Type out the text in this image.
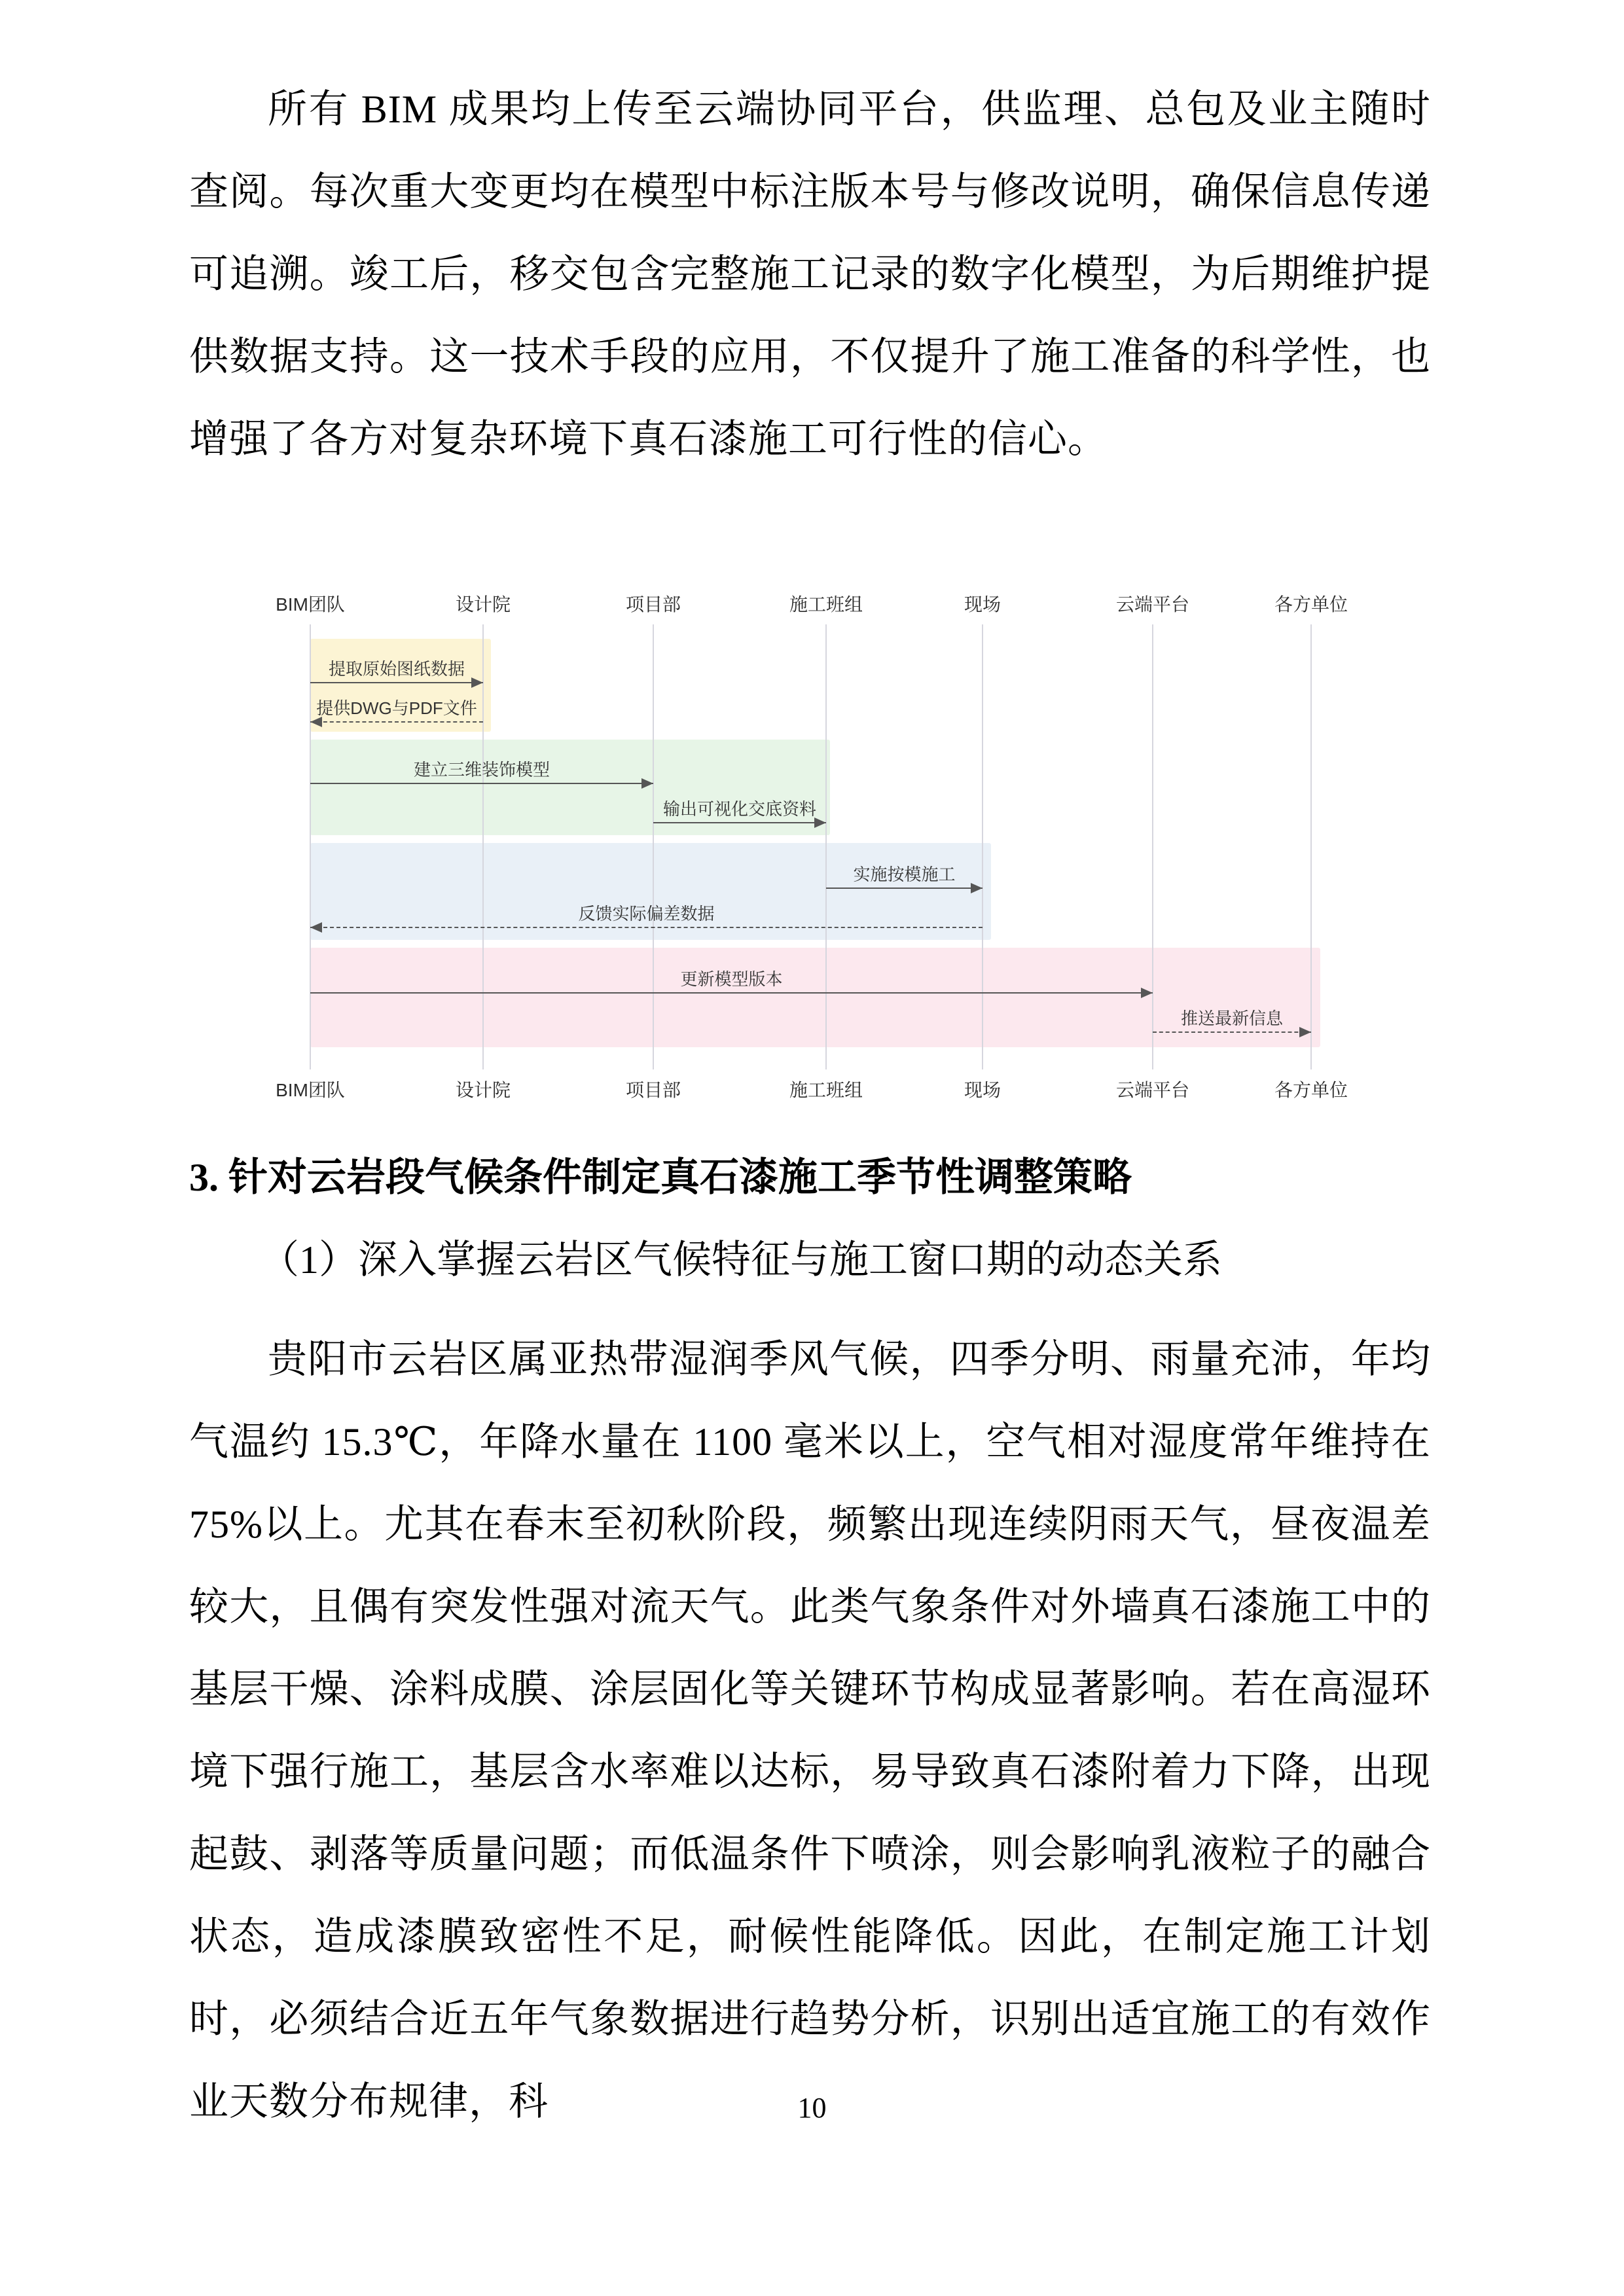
所有 BIM 成果均上传至云端协同平台，供监理、总包及业主随时查阅。每次重大变更均在模型中标注版本号与修改说明，确保信息传递可追溯。竣工后，移交包含完整施工记录的数字化模型，为后期维护提供数据支持。这一技术手段的应用，不仅提升了施工准备的科学性，也增强了各方对复杂环境下真石漆施工可行性的信心。

BIM团队
BIM团队
设计院
设计院
项目部
项目部
施工班组
施工班组
现场
现场
云端平台
云端平台
各方单位
各方单位
提取原始图纸数据
提供DWG与PDF文件
建立三维装饰模型
输出可视化交底资料
实施按模施工
反馈实际偏差数据
更新模型版本
推送最新信息
3. 针对云岩段气候条件制定真石漆施工季节性调整策略

（1）深入掌握云岩区气候特征与施工窗口期的动态关系

贵阳市云岩区属亚热带湿润季风气候，四季分明、雨量充沛，年均气温约 15.3℃，年降水量在 1100 毫米以上，空气相对湿度常年维持在 75%以上。尤其在春末至初秋阶段，频繁出现连续阴雨天气，昼夜温差较大，且偶有突发性强对流天气。此类气象条件对外墙真石漆施工中的基层干燥、涂料成膜、涂层固化等关键环节构成显著影响。若在高湿环境下强行施工，基层含水率难以达标，易导致真石漆附着力下降，出现起鼓、剥落等质量问题；而低温条件下喷涂，则会影响乳液粒子的融合状态，造成漆膜致密性不足，耐候性能降低。因此，在制定施工计划时，必须结合近五年气象数据进行趋势分析，识别出适宜施工的有效作业天数分布规律，科	10
